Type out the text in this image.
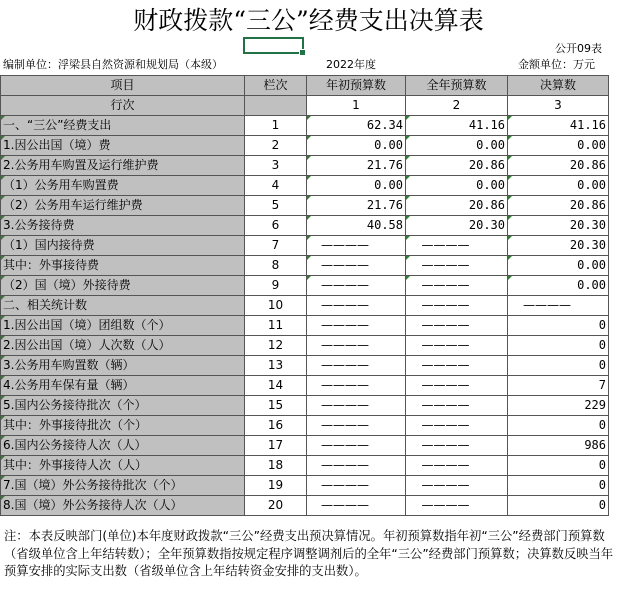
财政拨款“三公”经费支出决算表
公开09表
编制单位：浮梁县自然资源和规划局（本级）	2022年度	金额单位：万元
项目	栏次	年初预算数	全年预算数	决算数
行次		1	2	3
一、“三公”经费支出	1	62.34	41.16	41.16
1.因公出国（境）费	2	0.00	0.00	0.00
2.公务用车购置及运行维护费	3	21.76	20.86	20.86
（1）公务用车购置费	4	0.00	0.00	0.00
（2）公务用车运行维护费	5	21.76	20.86	20.86
3.公务接待费	6	40.58	20.30	20.30
（1）国内接待费	7	————	————	20.30
其中：外事接待费	8	————	————	0.00
（2）国（境）外接待费	9	————	————	0.00
二、相关统计数	10	————	————	————
1.因公出国（境）团组数（个）	11	————	————	0
2.因公出国（境）人次数（人）	12	————	————	0
3.公务用车购置数（辆）	13	————	————	0
4.公务用车保有量（辆）	14	————	————	7
5.国内公务接待批次（个）	15	————	————	229
其中：外事接待批次（个）	16	————	————	0
6.国内公务接待人次（人）	17	————	————	986
其中：外事接待人次（人）	18	————	————	0
7.国（境）外公务接待批次（个）	19	————	————	0
8.国（境）外公务接待人次（人）	20	————	————	0
注：本表反映部门(单位)本年度财政拨款“三公”经费支出预决算情况。年初预算数指年初“三公”经费部门预算数（省级单位含上年结转数）；全年预算数指按规定程序调整调剂后的全年“三公”经费部门预算数；决算数反映当年预算安排的实际支出数（省级单位含上年结转资金安排的支出数）。
